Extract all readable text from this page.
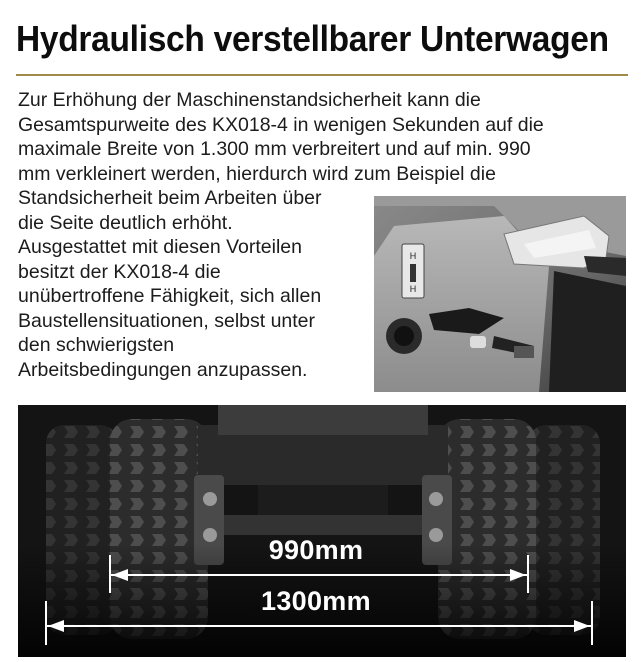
Hydraulisch verstellbarer Unterwagen
Zur Erhöhung der Maschinenstandsicherheit kann die
Gesamtspurweite des KX018-4 in wenigen Sekunden auf die
maximale Breite von 1.300 mm verbreitert und auf min. 990
mm verkleinert werden, hierdurch wird zum Beispiel die
Standsicherheit beim Arbeiten über
die Seite deutlich erhöht.
Ausgestattet mit diesen Vorteilen
besitzt der KX018-4 die
unübertroffene Fähigkeit, sich allen
Baustellensituationen, selbst unter
den schwierigsten
Arbeitsbedingungen anzupassen.
H
H
990mm
1300mm
